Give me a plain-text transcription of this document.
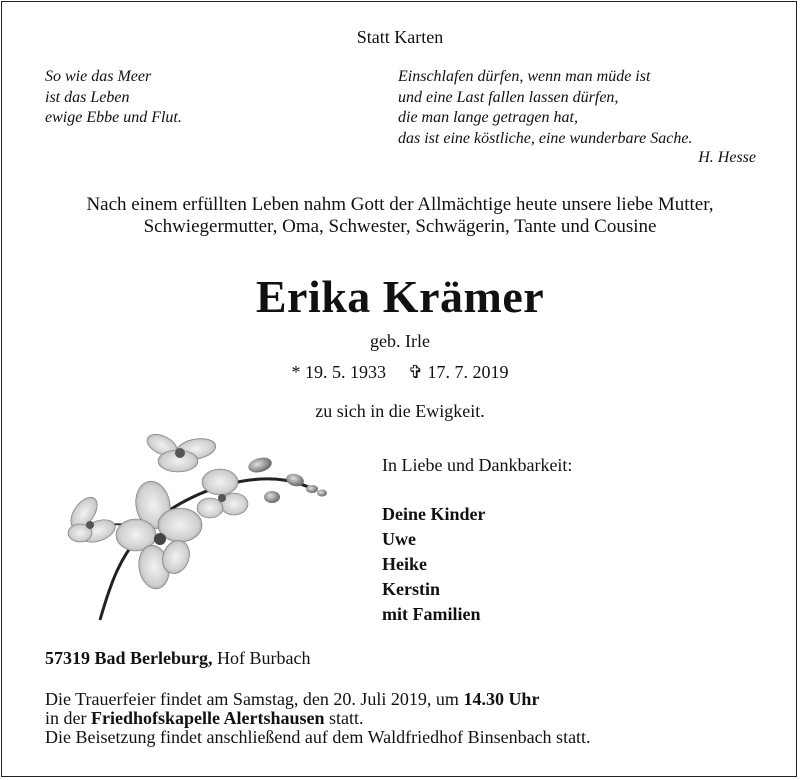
Statt Karten
So wie das Meer
ist das Leben
ewige Ebbe und Flut.
Einschlafen dürfen, wenn man müde ist
und eine Last fallen lassen dürfen,
die man lange getragen hat,
das ist eine köstliche, eine wunderbare Sache.
H. Hesse
Nach einem erfüllten Leben nahm Gott der Allmächtige heute unsere liebe Mutter,
Schwiegermutter, Oma, Schwester, Schwägerin, Tante und Cousine
Erika Krämer
geb. Irle
* 19. 5. 1933 ✞ 17. 7. 2019
zu sich in die Ewigkeit.
In Liebe und Dankbarkeit:
Deine Kinder
Uwe
Heike
Kerstin
mit Familien
57319 Bad Berleburg, Hof Burbach
Die Trauerfeier findet am Samstag, den 20. Juli 2019, um 14.30 Uhr
in der Friedhofskapelle Alertshausen statt.
Die Beisetzung findet anschließend auf dem Waldfriedhof Binsenbach statt.
